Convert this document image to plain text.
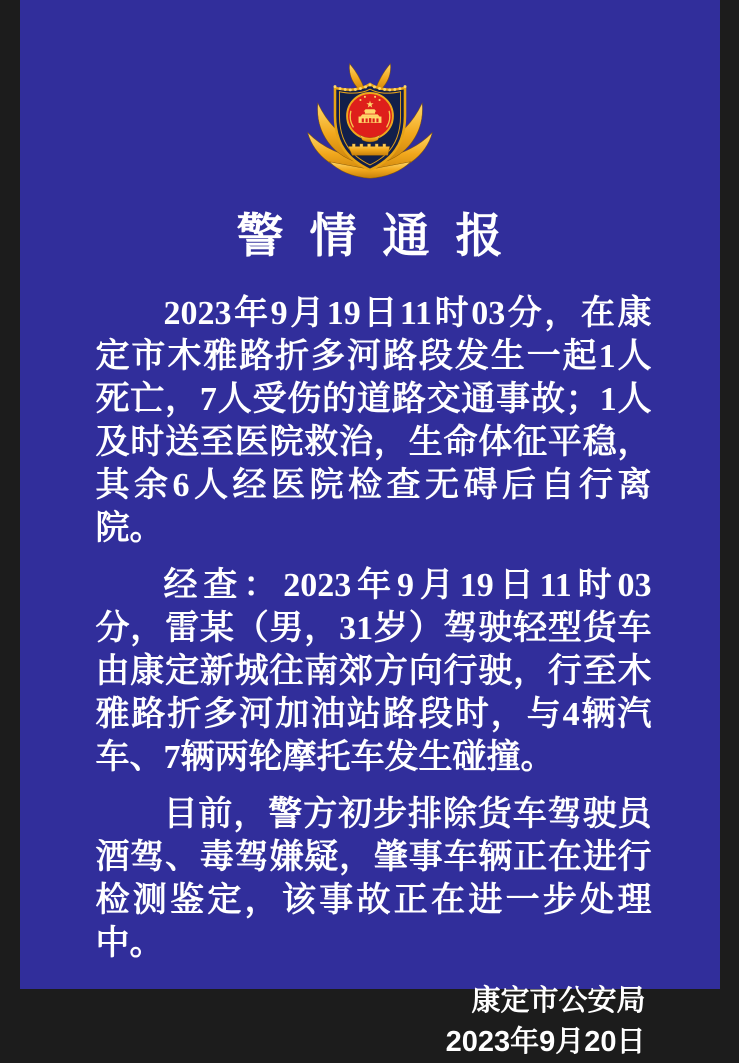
警情通报

2023年9月19日11时03分，在康定市木雅路折多河路段发生一起1人死亡，7人受伤的道路交通事故；1人及时送至医院救治，生命体征平稳，其余6人经医院检查无碍后自行离院。

经查：2023年9月19日11时03分，雷某（男，31岁）驾驶轻型货车由康定新城往南郊方向行驶，行至木雅路折多河加油站路段时，与4辆汽车、7辆两轮摩托车发生碰撞。

目前，警方初步排除货车驾驶员酒驾、毒驾嫌疑，肇事车辆正在进行检测鉴定，该事故正在进一步处理中。

康定市公安局
2023年9月20日
